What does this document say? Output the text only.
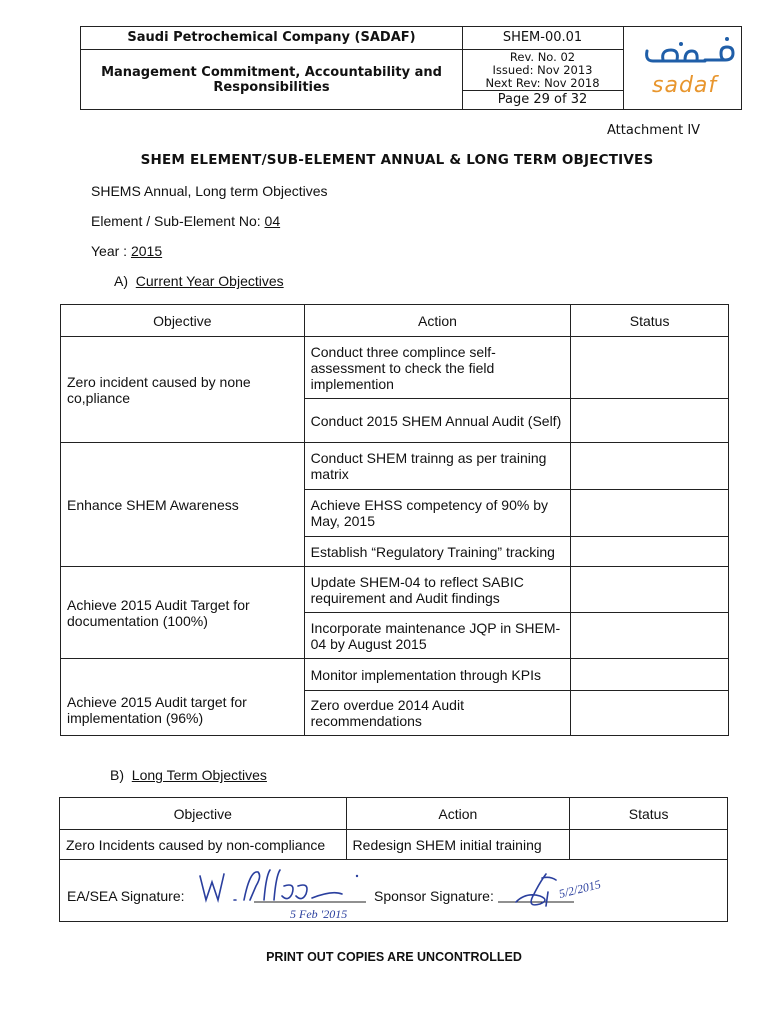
Saudi Petrochemical Company (SADAF)
Management Commitment, Accountability and
Responsibilities
SHEM-00.01
Rev. No. 02
Issued: Nov 2013
Next Rev: Nov 2018
Page 29 of 32
sadaf
Attachment IV
SHEM ELEMENT/SUB-ELEMENT ANNUAL & LONG TERM OBJECTIVES
SHEMS Annual, Long term Objectives
Element / Sub-Element No: 04
Year : 2015
A) Current Year Objectives
Objective	Action	Status
Zero incident caused by none co,pliance	Conduct three complince self-assessment to check the field implemention	
	Conduct 2015 SHEM Annual Audit (Self)	
Enhance SHEM Awareness	Conduct SHEM trainng as per training matrix	
	Achieve EHSS competency of 90% by May, 2015	
	Establish “Regulatory Training” tracking	
Achieve 2015 Audit Target for documentation (100%)	Update SHEM-04 to reflect SABIC requirement and Audit findings	
	Incorporate maintenance JQP in SHEM-04 by August 2015	
Achieve 2015 Audit target for implementation (96%)	Monitor implementation through KPIs	
	Zero overdue 2014 Audit recommendations	
B) Long Term Objectives
Objective	Action	Status
Zero Incidents caused by non-compliance	Redesign SHEM initial training	

EA/SEA Signature:
5 Feb '2015
Sponsor Signature: 5/2/2015		
PRINT OUT COPIES ARE UNCONTROLLED
